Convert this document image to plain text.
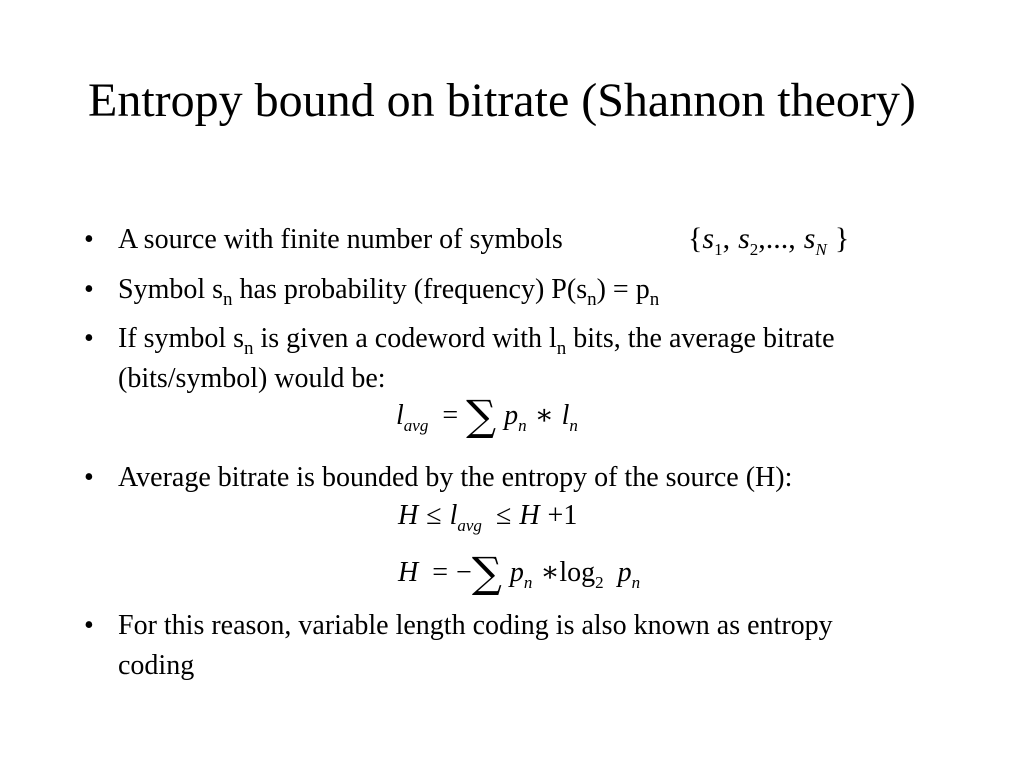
Entropy bound on bitrate (Shannon theory)
• A source with finite number of symbols	{$s_1$, $s_2$,..., $s_N$ }
• Symbol $s_n$ has probability (frequency) $P(s_n) = p_n$
• If symbol $s_n$ is given a codeword with $l_n$ bits, the average bitrate
(bits/symbol) would be:
$l_{avg}$ = ∑ $p_n$ ∗ $l_n$
• Average bitrate is bounded by the entropy of the source (H):
$H \le l_{avg} \le H +1$
H = −∑ $p_n$ $∗\log_2$ $p_n$
• For this reason, variable length coding is also known as entropy
coding
